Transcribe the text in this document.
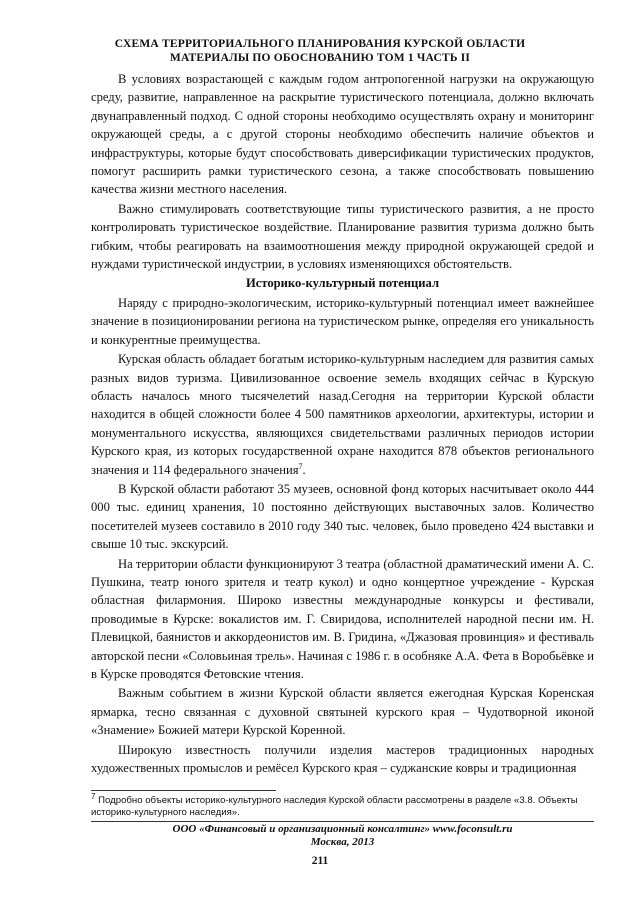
СХЕМА ТЕРРИТОРИАЛЬНОГО ПЛАНИРОВАНИЯ КУРСКОЙ ОБЛАСТИ
МАТЕРИАЛЫ ПО ОБОСНОВАНИЮ ТОМ 1 ЧАСТЬ II

В условиях возрастающей с каждым годом антропогенной нагрузки на окружающую среду, развитие, направленное на раскрытие туристического потенциала, должно включать двунаправленный подход. С одной стороны необходимо осуществлять охрану и мониторинг окружающей среды, а с другой стороны необходимо обеспечить наличие объектов и инфраструктуры, которые будут способствовать диверсификации туристических продуктов, помогут расширить рамки туристического сезона, а также способствовать повышению качества жизни местного населения.

Важно стимулировать соответствующие типы туристического развития, а не просто контролировать туристическое воздействие. Планирование развития туризма должно быть гибким, чтобы реагировать на взаимоотношения между природной окружающей средой и нуждами туристической индустрии, в условиях изменяющихся обстоятельств.

Историко-культурный потенциал

Наряду с природно-экологическим, историко-культурный потенциал имеет важнейшее значение в позиционировании региона на туристическом рынке, определяя его уникальность и конкурентные преимущества.

Курская область обладает богатым историко-культурным наследием для развития самых разных видов туризма. Цивилизованное освоение земель входящих сейчас в Курскую область началось много тысячелетий назад.Сегодня на территории Курской области находится в общей сложности более 4 500 памятников археологии, архитектуры, истории и монументального искусства, являющихся свидетельствами различных периодов истории Курского края, из которых государственной охране находится 878 объектов регионального значения и 114 федерального значения$^7$.

В Курской области работают 35 музеев, основной фонд которых насчитывает около 444 000 тыс. единиц хранения, 10 постоянно действующих выставочных залов. Количество посетителей музеев составило в 2010 году 340 тыс. человек, было проведено 424 выставки и свыше 10 тыс. экскурсий.

На территории области функционируют 3 театра (областной драматический имени А. С. Пушкина, театр юного зрителя и театр кукол) и одно концертное учреждение - Курская областная филармония. Широко известны международные конкурсы и фестивали, проводимые в Курске: вокалистов им. Г. Свиридова, исполнителей народной песни им. Н. Плевицкой, баянистов и аккордеонистов им. В. Гридина, «Джазовая провинция» и фестиваль авторской песни «Соловьиная трель». Начиная с 1986 г. в особняке А.А. Фета в Воробьёвке и в Курске проводятся Фетовские чтения.

Важным событием в жизни Курской области является ежегодная Курская Коренская ярмарка, тесно связанная с духовной святыней курского края – Чудотворной иконой «Знамение» Божией матери Курской Коренной.

Широкую известность получили изделия мастеров традиционных народных художественных промыслов и ремёсел Курского края – суджанские ковры и традиционная

$^7$ Подробно объекты историко-культурного наследия Курской области рассмотрены в разделе «3.8. Объекты историко-культурного наследия».
ООО «Финансовый и организационный консалтинг» www.foconsult.ru
Москва, 2013
211
